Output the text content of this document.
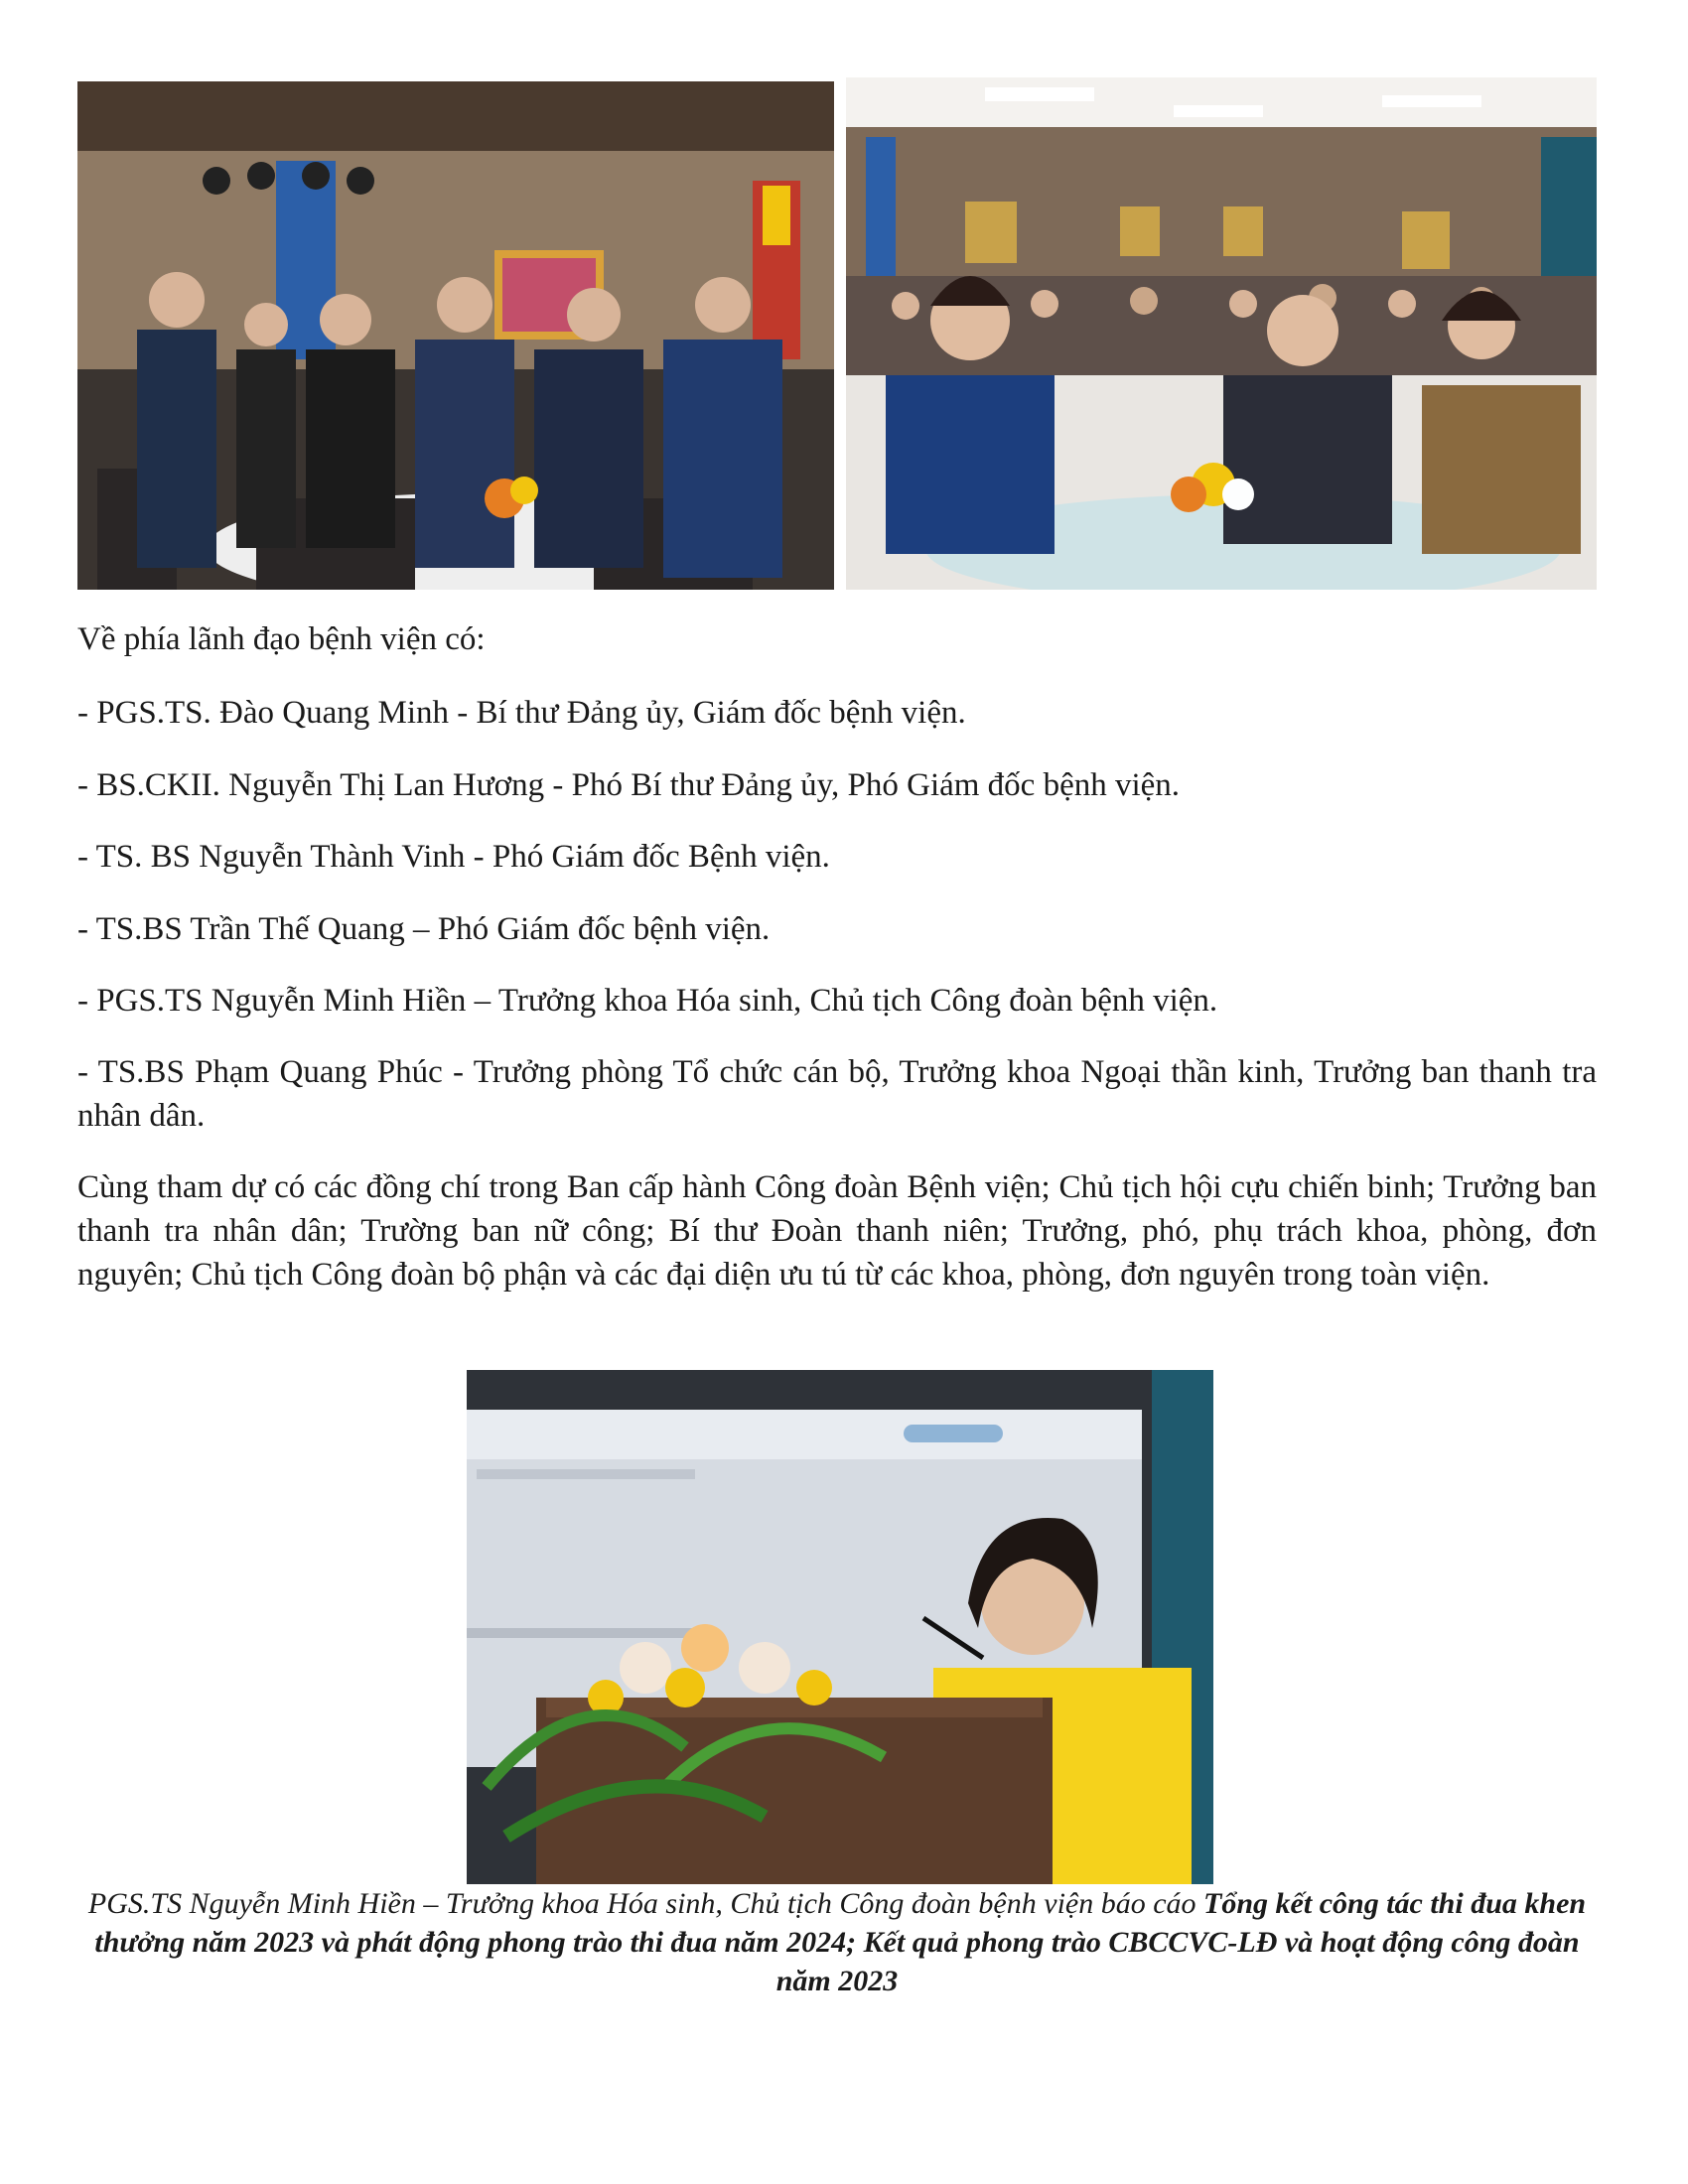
Về phía lãnh đạo bệnh viện có:
- PGS.TS. Đào Quang Minh - Bí thư Đảng ủy, Giám đốc bệnh viện.
- BS.CKII. Nguyễn Thị Lan Hương - Phó Bí thư Đảng ủy, Phó Giám đốc bệnh viện.
- TS. BS Nguyễn Thành Vinh - Phó Giám đốc Bệnh viện.
- TS.BS Trần Thế Quang – Phó Giám đốc bệnh viện.
- PGS.TS Nguyễn Minh Hiền – Trưởng khoa Hóa sinh, Chủ tịch Công đoàn bệnh viện.
- TS.BS Phạm Quang Phúc - Trưởng phòng Tổ chức cán bộ, Trưởng khoa Ngoại thần kinh, Trưởng ban thanh tra nhân dân.
Cùng tham dự có các đồng chí trong Ban cấp hành Công đoàn Bệnh viện; Chủ tịch hội cựu chiến binh; Trưởng ban thanh tra nhân dân; Trường ban nữ công; Bí thư Đoàn thanh niên; Trưởng, phó, phụ trách khoa, phòng, đơn nguyên; Chủ tịch Công đoàn bộ phận và các đại diện ưu tú từ các khoa, phòng, đơn nguyên trong toàn viện.
PGS.TS Nguyễn Minh Hiền – Trưởng khoa Hóa sinh, Chủ tịch Công đoàn bệnh viện báo cáo Tổng kết công tác thi đua khen thưởng năm 2023 và phát động phong trào thi đua năm 2024; Kết quả phong trào CBCCVC-LĐ và hoạt động công đoàn năm 2023
